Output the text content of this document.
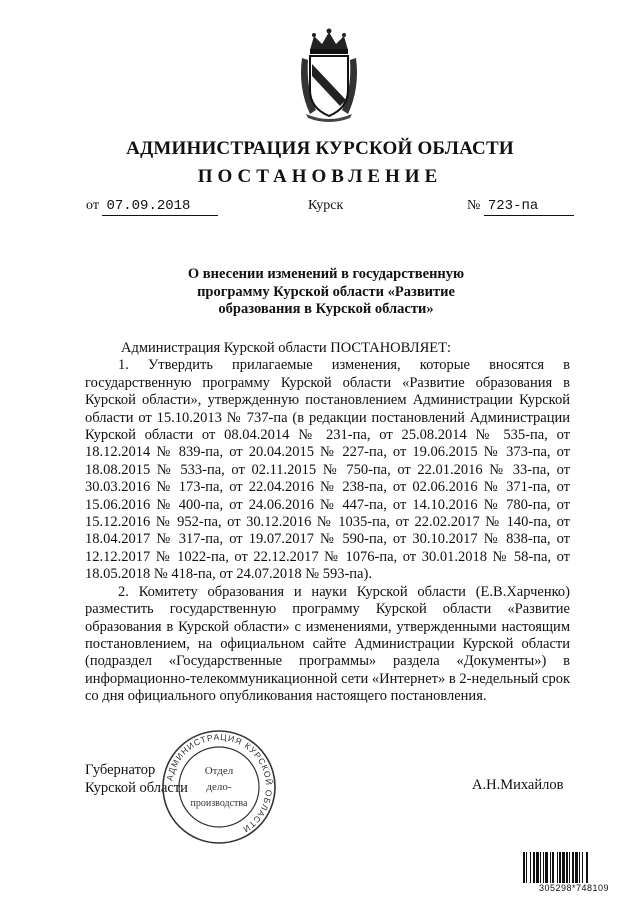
АДМИНИСТРАЦИЯ КУРСКОЙ ОБЛАСТИ
ПОСТАНОВЛЕНИЕ
от 07.09.2018	Курск	№ 723-па
О внесении изменений в государственную
программу Курской области «Развитие
образования в Курской области»

Администрация Курской области ПОСТАНОВЛЯЕТ:

1. Утвердить прилагаемые изменения, которые вносятся в государственную программу Курской области «Развитие образования в Курской области», утвержденную постановлением Администрации Курской области от 15.10.2013 № 737-па (в редакции постановлений Администрации Курской области от 08.04.2014 № 231-па, от 25.08.2014 № 535-па, от 18.12.2014 № 839-па, от 20.04.2015 № 227-па, от 19.06.2015 № 373-па, от 18.08.2015 № 533-па, от 02.11.2015 № 750-па, от 22.01.2016 № 33-па, от 30.03.2016 № 173-па, от 22.04.2016 № 238-па, от 02.06.2016 № 371-па, от 15.06.2016 № 400-па, от 24.06.2016 № 447-па, от 14.10.2016 № 780-па, от 15.12.2016 № 952-па, от 30.12.2016 № 1035-па, от 22.02.2017 № 140-па, от 18.04.2017 № 317-па, от 19.07.2017 № 590-па, от 30.10.2017 № 838-па, от 12.12.2017 № 1022-па, от 22.12.2017 № 1076-па, от 30.01.2018 № 58-па, от 18.05.2018 № 418-па, от 24.07.2018 № 593-па).

2. Комитету образования и науки Курской области (Е.В.Харченко) разместить государственную программу Курской области «Развитие образования в Курской области» с изменениями, утвержденными настоящим постановлением, на официальном сайте Администрации Курской области (подраздел «Государственные программы» раздела «Документы») в информационно-телекоммуникационной сети «Интернет» в 2-недельный срок со дня официального опубликования настоящего постановления.

Губернатор
Курской области	А.Н.Михайлов
АДМИНИСТРАЦИЯ КУРСКОЙ ОБЛАСТИ
Отдел
дело-
производства
305298*748109
